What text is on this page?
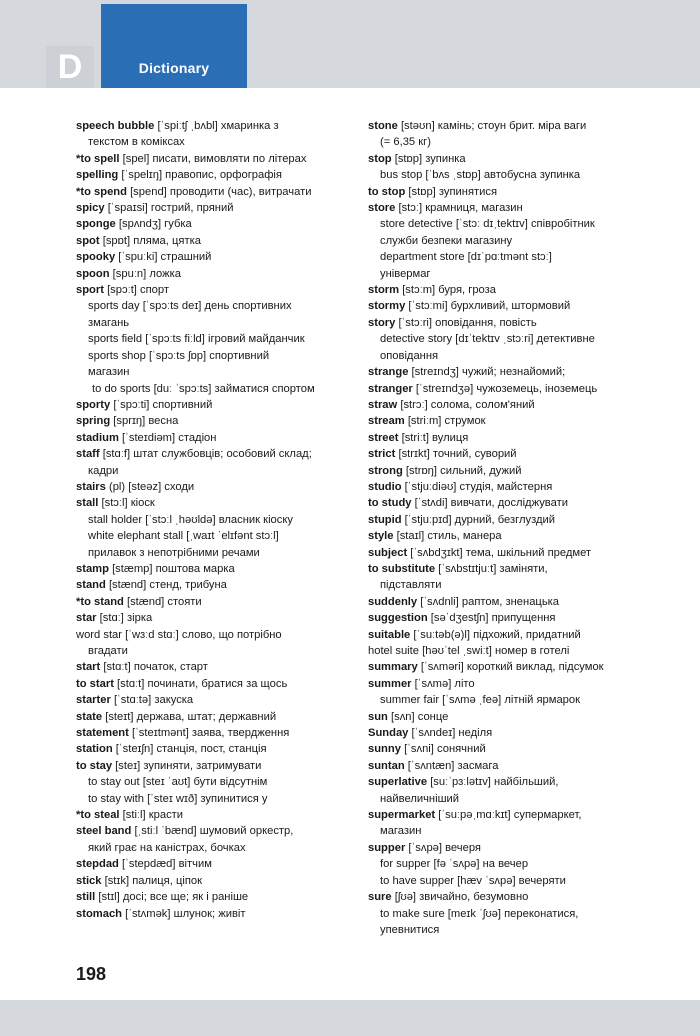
D	Dictionary
speech bubble [ˈspiːtʃ ˌbʌbl] хмаринка з
текстом в коміксах
*to spell [spel] писати, вимовляти по літерах
spelling [ˈspelɪŋ] правопис, орфографія
*to spend [spend] проводити (час), витрачати
spicy [ˈspaɪsi] гострий, пряний
sponge [spʌndʒ] губка
spot [spɒt] пляма, цятка
spooky [ˈspuːki] страшний
spoon [spuːn] ложка
sport [spɔːt] спорт
sports day [ˈspɔːts deɪ] день спортивних
змагань
sports field [ˈspɔːts fiːld] ігровий майданчик
sports shop [ˈspɔːts ʃɒp] спортивний
магазин
to do sports [duː ˈspɔːts] займатися спортом
sporty [ˈspɔːti] спортивний
spring [sprɪŋ] весна
stadium [ˈsteɪdiəm] стадіон
staff [stɑːf] штат службовців; особовий склад;
кадри
stairs (pl) [steəz] сходи
stall [stɔːl] кіоск
stall holder [ˈstɔːl ˌhəʊldə] власник кіоску
white elephant stall [ˌwaɪt ˈelɪfənt stɔːl]
прилавок з непотрібними речами
stamp [stæmp] поштова марка
stand [stænd] стенд, трибуна
*to stand [stænd] стояти
star [stɑː] зірка
word star [ˈwɜːd stɑː] слово, що потрібно
вгадати
start [stɑːt] початок, старт
to start [stɑːt] починати, братися за щось
starter [ˈstɑːtə] закуска
state [steɪt] держава, штат; державний
statement [ˈsteɪtmənt] заява, твердження
station [ˈsteɪʃn] станція, пост, станція
to stay [steɪ] зупиняти, затримувати
to stay out [steɪ ˈaʊt] бути відсутнім
to stay with [ˈsteɪ wɪð] зупинитися у
*to steal [stiːl] красти
steel band [ˌstiːl ˈbænd] шумовий оркестр,
який грає на каністрах, бочках
stepdad [ˈstepdæd] вітчим
stick [stɪk] палиця, ціпок
still [stɪl] досі; все ще; як і раніше
stomach [ˈstʌmək] шлунок; живіт
stone [stəʊn] камінь; стоун брит. міра ваги
(= 6,35 кг)
stop [stɒp] зупинка
bus stop [ˈbʌs ˌstɒp] автобусна зупинка
to stop [stɒp] зупинятися
store [stɔː] крамниця, магазин
store detective [ˈstɔː dɪˌtektɪv] співробітник
служби безпеки магазину
department store [dɪˈpɑːtmənt stɔː]
універмаг
storm [stɔːm] буря, гроза
stormy [ˈstɔːmi] бурхливий, штормовий
story [ˈstɔːri] оповідання, повість
detective story [dɪˈtektɪv ˌstɔːri] детективне
оповідання
strange [streɪndʒ] чужий; незнайомий;
stranger [ˈstreɪndʒə] чужоземець, іноземець
straw [strɔː] солома, солом'яний
stream [striːm] струмок
street [striːt] вулиця
strict [strɪkt] точний, суворий
strong [strɒŋ] сильний, дужий
studio [ˈstjuːdiəʊ] студія, майстерня
to study [ˈstʌdi] вивчати, досліджувати
stupid [ˈstjuːpɪd] дурний, безглуздий
style [staɪl] стиль, манера
subject [ˈsʌbdʒɪkt] тема, шкільний предмет
to substitute [ˈsʌbstɪtjuːt] заміняти,
підставляти
suddenly [ˈsʌdnli] раптом, зненацька
suggestion [səˈdʒestʃn] припущення
suitable [ˈsuːtəb(ə)l] підхожий, придатний
hotel suite [həʊˈtel ˌswiːt] номер в готелі
summary [ˈsʌməri] короткий виклад, підсумок
summer [ˈsʌmə] літо
summer fair [ˈsʌmə ˌfeə] літній ярмарок
sun [sʌn] сонце
Sunday [ˈsʌndeɪ] неділя
sunny [ˈsʌni] сонячний
suntan [ˈsʌntæn] засмага
superlative [suːˈpɜːlətɪv] найбільший,
найвеличніший
supermarket [ˈsuːpəˌmɑːkɪt] супермаркет,
магазин
supper [ˈsʌpə] вечеря
for supper [fə ˈsʌpə] на вечер
to have supper [hæv ˈsʌpə] вечеряти
sure [ʃʊə] звичайно, безумовно
to make sure [meɪk ˈʃʊə] переконатися,
упевнитися
198
